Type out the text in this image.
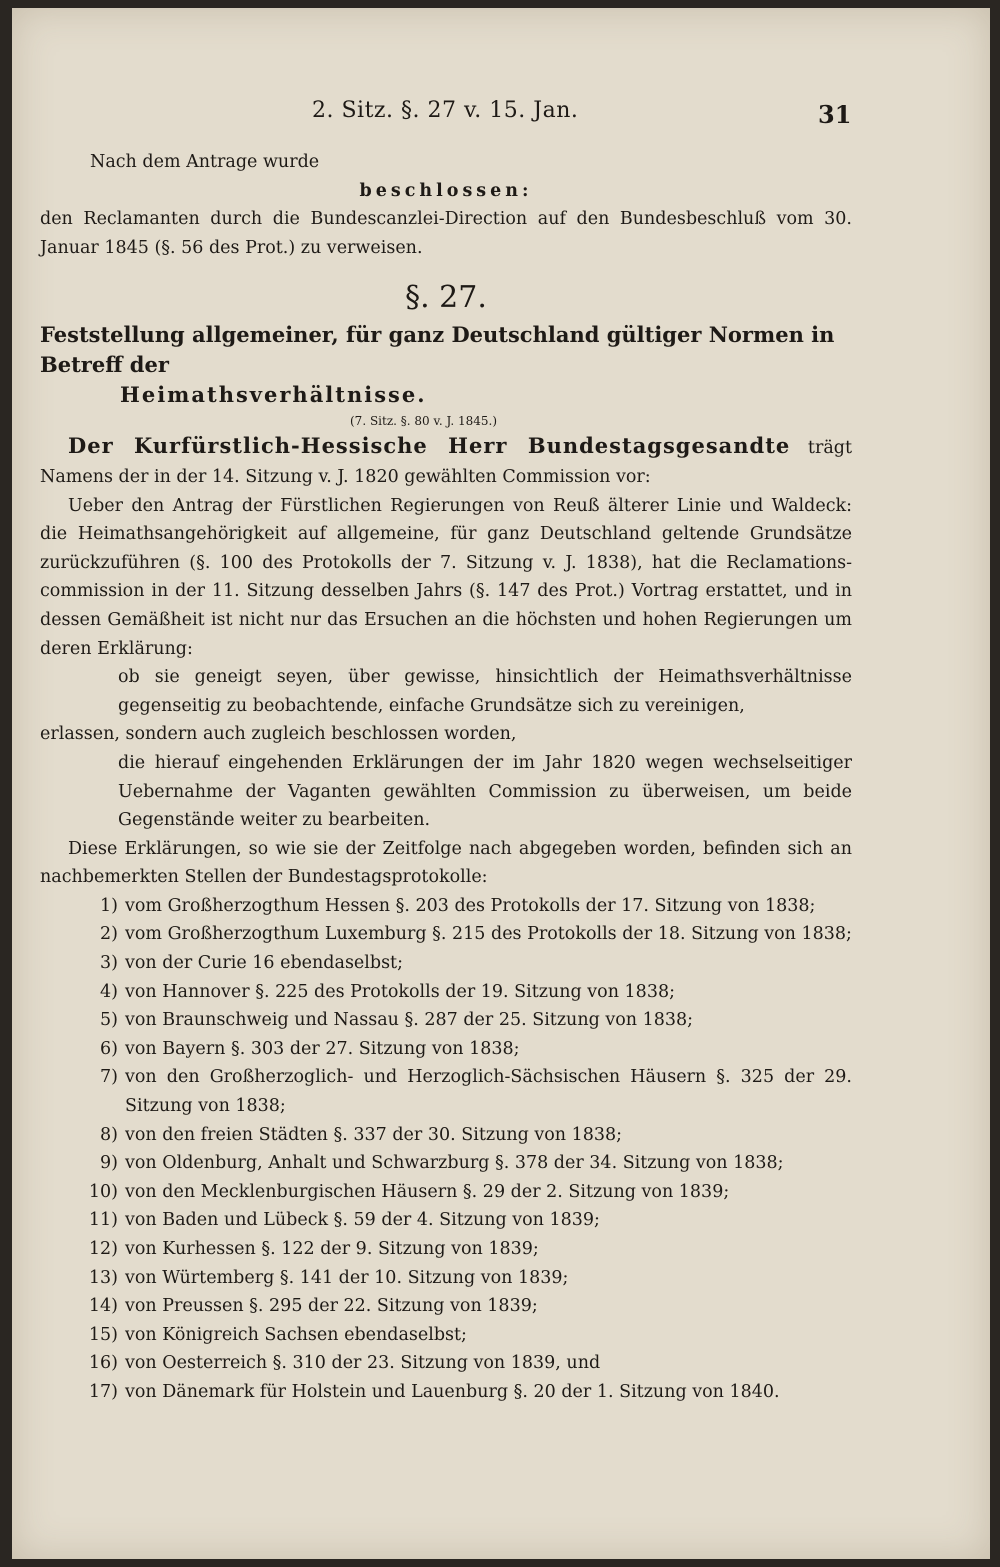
2. Sitz. §. 27 v. 15. Jan.	31

Nach dem Antrage wurde

beschlossen:

den Reclamanten durch die Bundescanzlei-Direction auf den Bundesbeschluß vom 30. Januar 1845 (§. 56 des Prot.) zu verweisen.

§. 27.

Feststellung allgemeiner, für ganz Deutschland gültiger Normen in Betreff der
Heimathsverhältnisse.

(7. Sitz. §. 80 v. J. 1845.)

Der Kurfürstlich-Hessische Herr Bundestagsgesandte trägt Namens der in der 14. Sitzung v. J. 1820 gewählten Commission vor:

Ueber den Antrag der Fürstlichen Regierungen von Reuß älterer Linie und Waldeck: die Heimathsangehörigkeit auf allgemeine, für ganz Deutschland geltende Grundsätze zurückzuführen (§. 100 des Protokolls der 7. Sitzung v. J. 1838), hat die Reclamations-commission in der 11. Sitzung desselben Jahrs (§. 147 des Prot.) Vortrag erstattet, und in dessen Gemäßheit ist nicht nur das Ersuchen an die höchsten und hohen Regierungen um deren Erklärung:

ob sie geneigt seyen, über gewisse, hinsichtlich der Heimathsverhältnisse gegenseitig zu beobachtende, einfache Grundsätze sich zu vereinigen,

erlassen, sondern auch zugleich beschlossen worden,

die hierauf eingehenden Erklärungen der im Jahr 1820 wegen wechselseitiger Uebernahme der Vaganten gewählten Commission zu überweisen, um beide Gegenstände weiter zu bearbeiten.

Diese Erklärungen, so wie sie der Zeitfolge nach abgegeben worden, befinden sich an nachbemerkten Stellen der Bundestagsprotokolle:

1) vom Großherzogthum Hessen §. 203 des Protokolls der 17. Sitzung von 1838;
2) vom Großherzogthum Luxemburg §. 215 des Protokolls der 18. Sitzung von 1838;
3) von der Curie 16 ebendaselbst;
4) von Hannover §. 225 des Protokolls der 19. Sitzung von 1838;
5) von Braunschweig und Nassau §. 287 der 25. Sitzung von 1838;
6) von Bayern §. 303 der 27. Sitzung von 1838;
7) von den Großherzoglich- und Herzoglich-Sächsischen Häusern §. 325 der 29. Sitzung von 1838;
8) von den freien Städten §. 337 der 30. Sitzung von 1838;
9) von Oldenburg, Anhalt und Schwarzburg §. 378 der 34. Sitzung von 1838;
10) von den Mecklenburgischen Häusern §. 29 der 2. Sitzung von 1839;
11) von Baden und Lübeck §. 59 der 4. Sitzung von 1839;
12) von Kurhessen §. 122 der 9. Sitzung von 1839;
13) von Würtemberg §. 141 der 10. Sitzung von 1839;
14) von Preussen §. 295 der 22. Sitzung von 1839;
15) von Königreich Sachsen ebendaselbst;
16) von Oesterreich §. 310 der 23. Sitzung von 1839, und
17) von Dänemark für Holstein und Lauenburg §. 20 der 1. Sitzung von 1840.
